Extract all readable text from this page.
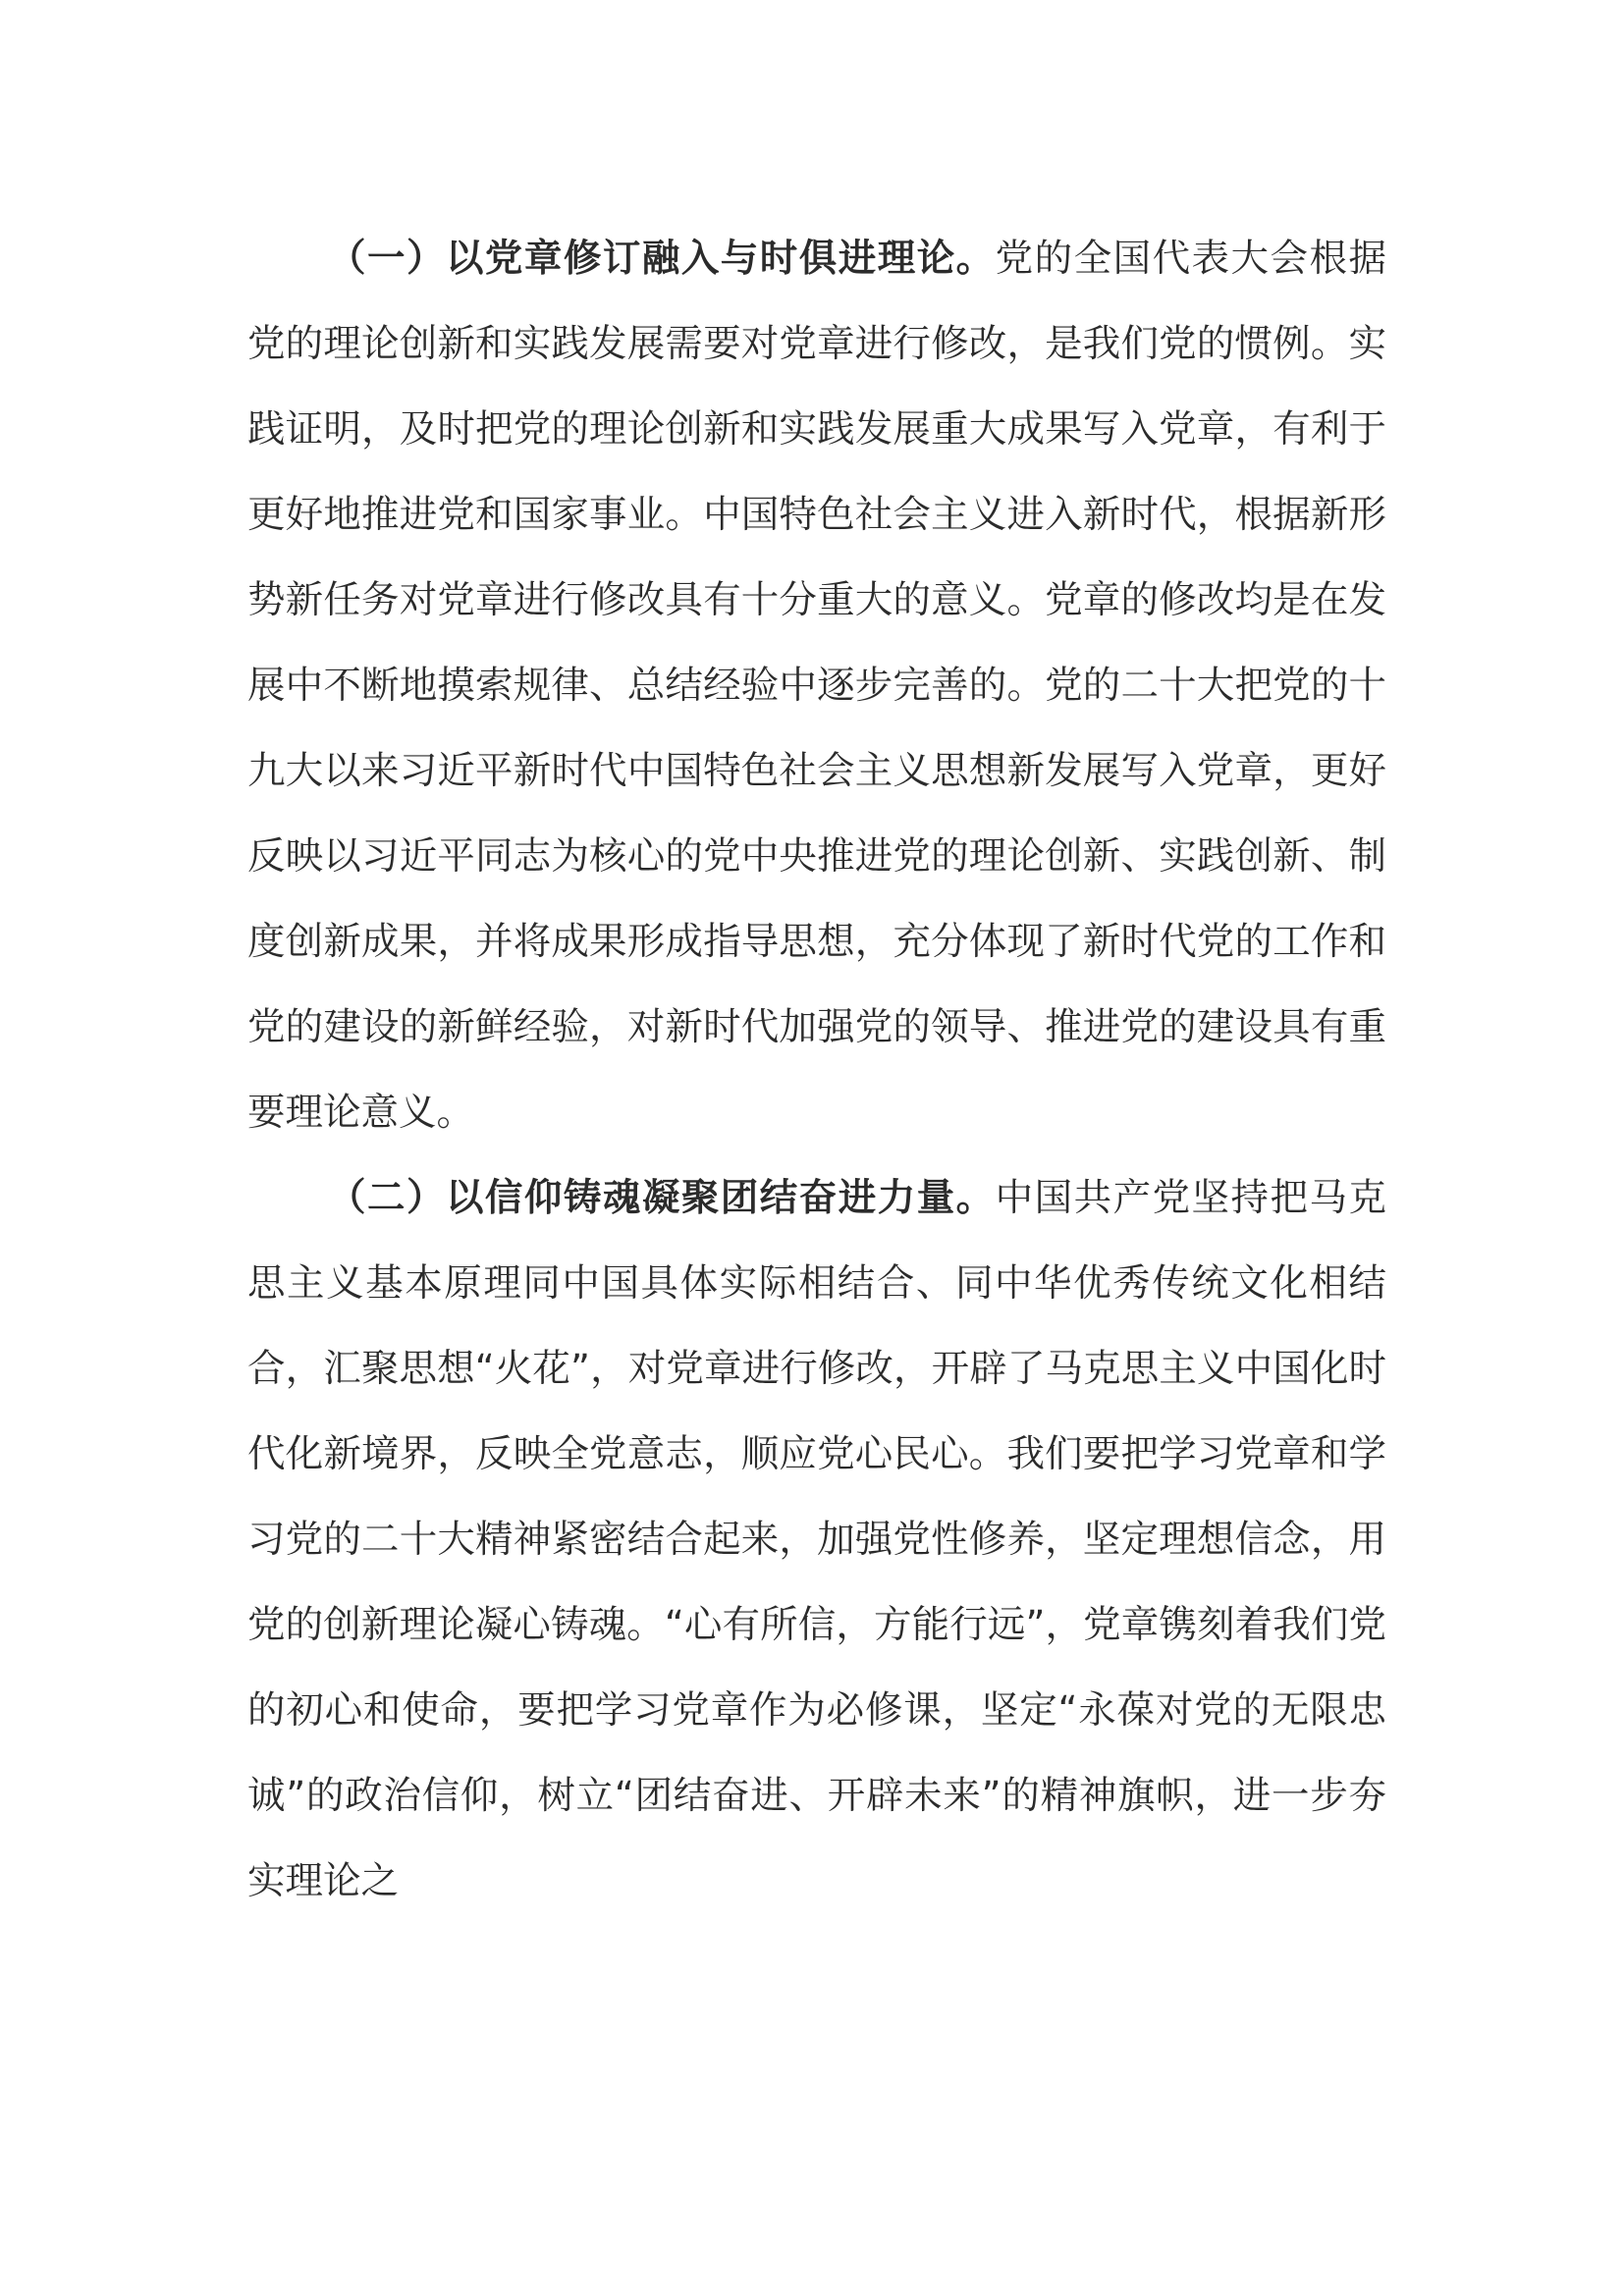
（一）以党章修订融入与时俱进理论。党的全国代表大会根据党的理论创新和实践发展需要对党章进行修改，是我们党的惯例。实践证明，及时把党的理论创新和实践发展重大成果写入党章，有利于更好地推进党和国家事业。中国特色社会主义进入新时代，根据新形势新任务对党章进行修改具有十分重大的意义。党章的修改均是在发展中不断地摸索规律、总结经验中逐步完善的。党的二十大把党的十九大以来习近平新时代中国特色社会主义思想新发展写入党章，更好反映以习近平同志为核心的党中央推进党的理论创新、实践创新、制度创新成果，并将成果形成指导思想，充分体现了新时代党的工作和党的建设的新鲜经验，对新时代加强党的领导、推进党的建设具有重要理论意义。

（二）以信仰铸魂凝聚团结奋进力量。中国共产党坚持把马克思主义基本原理同中国具体实际相结合、同中华优秀传统文化相结合，汇聚思想“火花”，对党章进行修改，开辟了马克思主义中国化时代化新境界，反映全党意志，顺应党心民心。我们要把学习党章和学习党的二十大精神紧密结合起来，加强党性修养，坚定理想信念，用党的创新理论凝心铸魂。“心有所信，方能行远”，党章镌刻着我们党的初心和使命，要把学习党章作为必修课，坚定“永葆对党的无限忠诚”的政治信仰，树立“团结奋进、开辟未来”的精神旗帜，进一步夯实理论之
